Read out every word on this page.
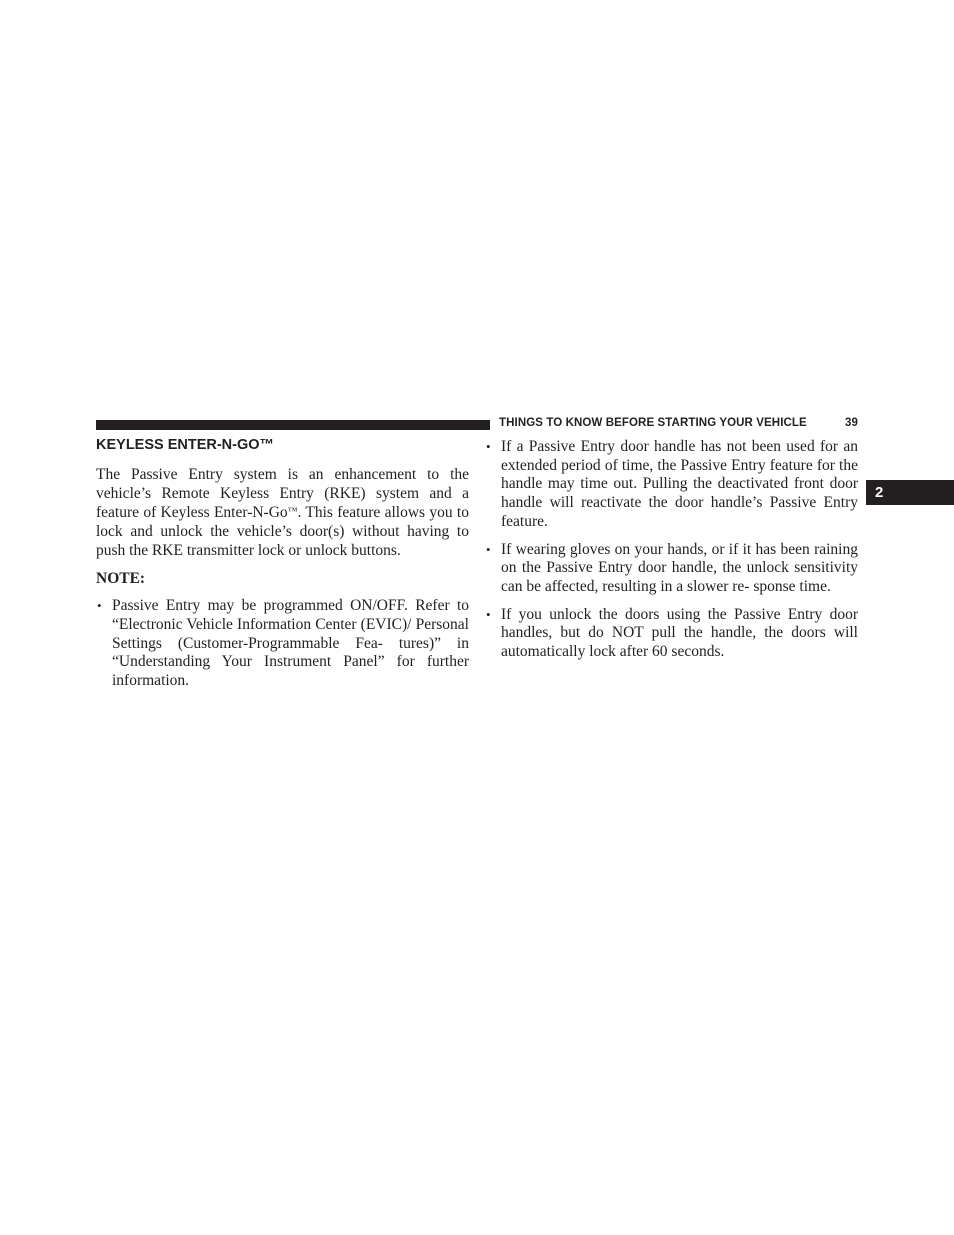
THINGS TO KNOW BEFORE STARTING YOUR VEHICLE	39
2
KEYLESS ENTER-N-GO™

The Passive Entry system is an enhancement to the vehicle’s Remote Keyless Entry (RKE) system and a feature of Keyless Enter-N-Go™. This feature allows you to lock and unlock the vehicle’s door(s) without having to push the RKE transmitter lock or unlock buttons.

NOTE:

• Passive Entry may be programmed ON/OFF. Refer to “Electronic Vehicle Information Center (EVIC)/ Personal Settings (Customer-Programmable Fea- tures)” in “Understanding Your Instrument Panel” for further information.

• If a Passive Entry door handle has not been used for an extended period of time, the Passive Entry feature for the handle may time out. Pulling the deactivated front door handle will reactivate the door handle’s Passive Entry feature.

• If wearing gloves on your hands, or if it has been raining on the Passive Entry door handle, the unlock sensitivity can be affected, resulting in a slower re- sponse time.

• If you unlock the doors using the Passive Entry door handles, but do NOT pull the handle, the doors will automatically lock after 60 seconds.
